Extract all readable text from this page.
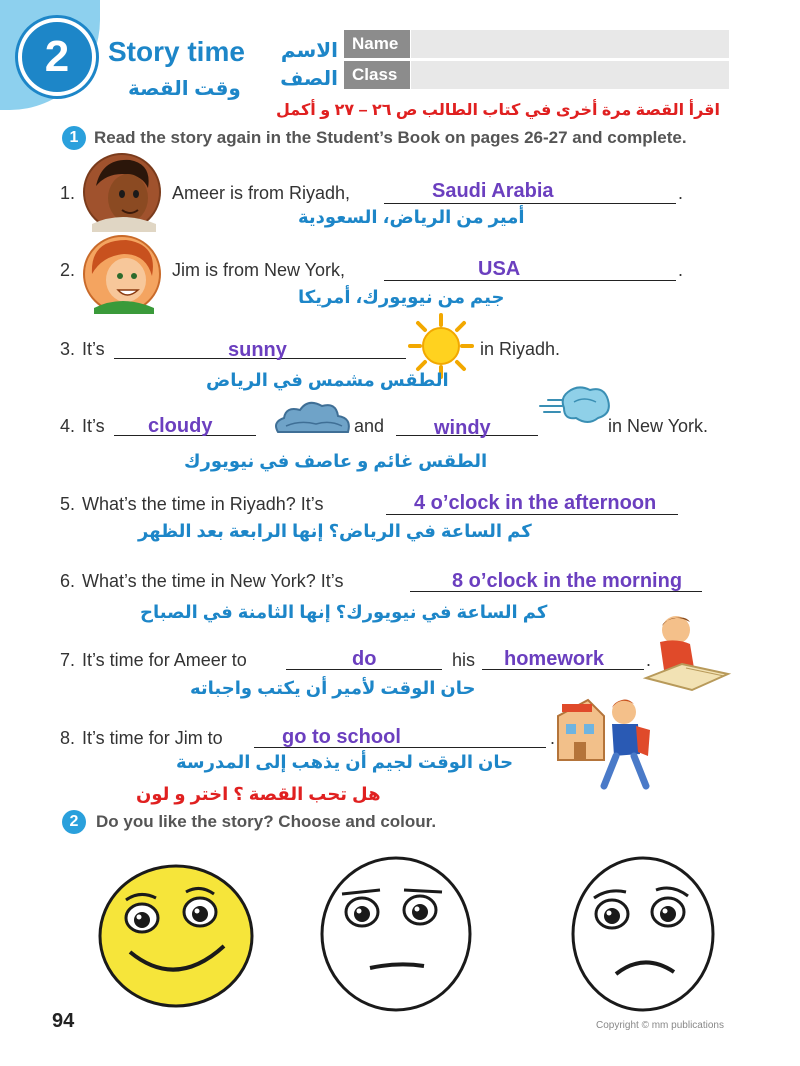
2	Story time
وقت القصة
الاسم
الصف
Name
Class
اقرأ القصة مرة أخرى في كتاب الطالب ص ٢٦ – ٢٧ و أكمل
1 Read the story again in the Student’s Book on pages 26-27 and complete.
1.	Ameer is from Riyadh,	Saudi Arabia	.
أمير من الرياض، السعودية
2.	Jim is from New York,	USA	.
جيم من نيويورك، أمريكا
3. It’s	sunny	in Riyadh.
الطقس مشمس في الرياض
4. It’s cloudy	and windy	in New York.
الطقس غائم و عاصف في نيويورك
5. What’s the time in Riyadh? It’s	4 o’clock in the afternoon
كم الساعة في الرياض؟ إنها الرابعة بعد الظهر
6. What’s the time in New York? It’s	8 o’clock in the morning
كم الساعة في نيويورك؟ إنها الثامنة في الصباح
7. It’s time for Ameer to	do	his homework .
حان الوقت لأمير أن يكتب واجباته
8. It’s time for Jim to	go to school	.
حان الوقت لجيم أن يذهب إلى المدرسة
هل تحب القصة ؟ اختر و لون
2	Do you like the story? Choose and colour.
94	Copyright © mm publications
